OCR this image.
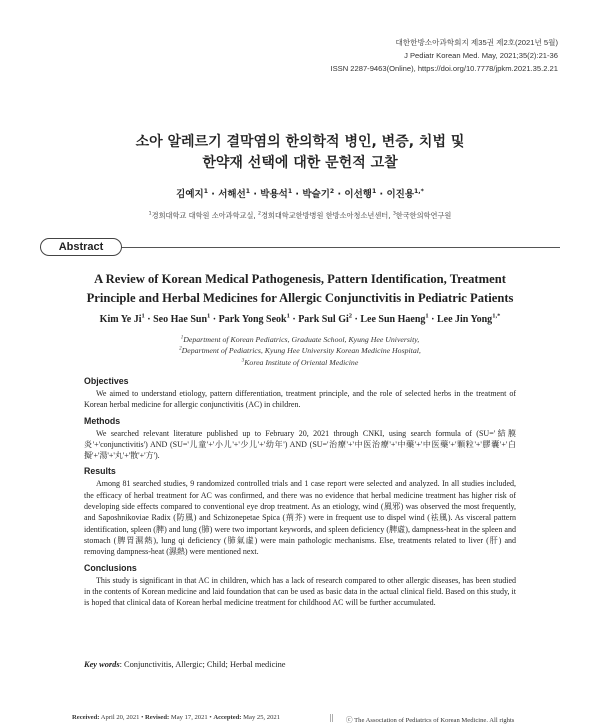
대한한방소아과학회지 제35권 제2호(2021년 5월)
J Pediatr Korean Med. May, 2021;35(2):21-36
ISSN 2287-9463(Online), https://doi.org/10.7778/jpkm.2021.35.2.21
소아 알레르기 결막염의 한의학적 병인, 변증, 치법 및
한약재 선택에 대한 문헌적 고찰
김예지$^1$ · 서해선$^1$ · 박용석$^1$ · 박슬기$^2$ · 이선행$^1$ · 이진용$^{1,*}$
$^1$경희대학교 대학원 소아과학교실, $^2$경희대학교한방병원 한방소아청소년센터, $^3$한국한의학연구원
Abstract
A Review of Korean Medical Pathogenesis, Pattern Identification, Treatment
Principle and Herbal Medicines for Allergic Conjunctivitis in Pediatric Patients
Kim Ye $Ji^1$ · Seo Hae Sun$^1$ · Park Yong Seok$^1$ · Park Sul $Gi^2$ · Lee Sun Haeng$^1$ · Lee Jin Yong$^{1,*}$
$^1$Department of Korean Pediatrics, Graduate School, Kyung Hee University,
$^2$Department of Pediatrics, Kyung Hee University Korean Medicine Hospital,
$^3$Korea Institute of Oriental Medicine
Objectives

We aimed to understand etiology, pattern differentiation, treatment principle, and the role of selected herbs in the treatment of Korean herbal medicine for allergic conjunctivitis (AC) in children.

Methods

We searched relevant literature published up to February 20, 2021 through CNKI, using search formula of (SU='結膜炎'+'conjunctivitis') AND (SU='儿童'+'小儿'+'少儿'+'幼年') AND (SU='治療'+'中医治療'+'中藥'+'中医藥'+'顆粒'+'膠囊'+'白擬'+'湯'+'丸'+'散'+'方').

Results

Among 81 searched studies, 9 randomized controlled trials and 1 case report were selected and analyzed. In all studies included, the efficacy of herbal treatment for AC was confirmed, and there was no evidence that herbal medicine treatment has higher risk of developing side effects compared to conventional eye drop treatment. As an etiology, wind (風邪) was observed the most frequently, and Saposhnikoviae Radix (防風) and Schizonepetae Spica (荊芥) were in frequent use to dispel wind (祛風). As visceral pattern identification, spleen (脾) and lung (肺) were two important keywords, and spleen deficiency (脾虛), dampness-heat in the spleen and stomach (脾胃濕熱), lung qi deficiency (肺氣虛) were main pathologic mechanisms. Else, treatments related to liver (肝) and removing dampness-heat (濕熱) were mentioned next.

Conclusions

This study is significant in that AC in children, which has a lack of research compared to other allergic diseases, has been studied in the contents of Korean medicine and laid foundation that can be used as basic data in the actual clinical field. Based on this study, it is hoped that clinical data of Korean herbal medicine treatment for childhood AC will be further accumulated.

Key words: Conjunctivitis, Allergic; Child; Herbal medicine
Received: April 20, 2021 • Revised: May 17, 2021 • Accepted: May 25, 2021	|| ⓒ The Association of Pediatrics of Korean Medicine. All rights
